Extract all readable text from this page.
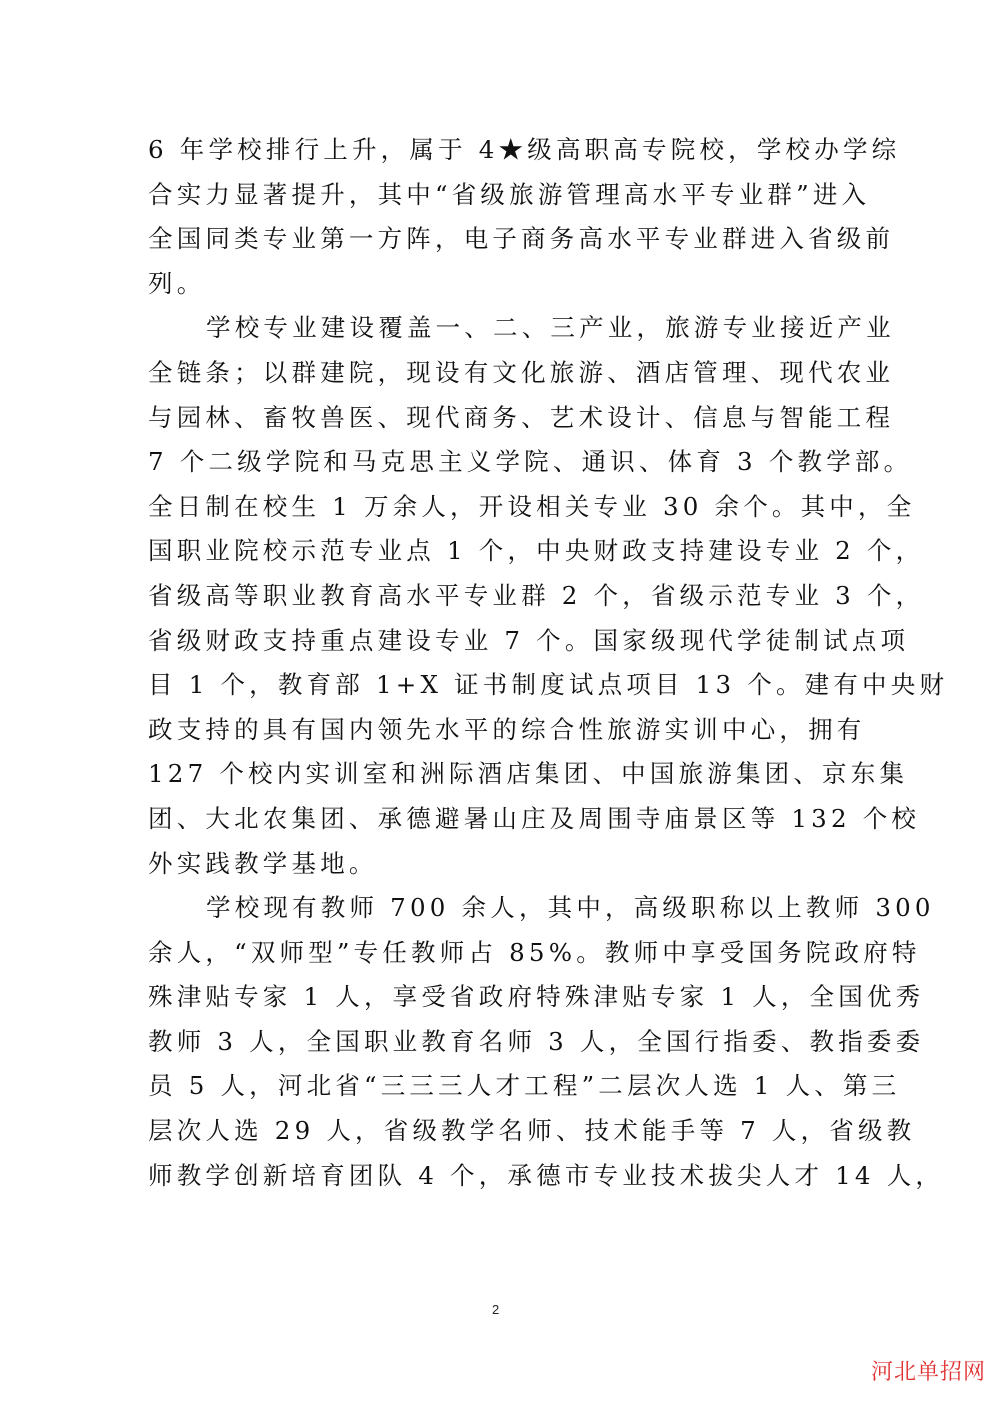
6 年学校排行上升，属于 4★级高职高专院校，学校办学综
合实力显著提升，其中“省级旅游管理高水平专业群”进入
全国同类专业第一方阵，电子商务高水平专业群进入省级前
列。
学校专业建设覆盖一、二、三产业，旅游专业接近产业
全链条；以群建院，现设有文化旅游、酒店管理、现代农业
与园林、畜牧兽医、现代商务、艺术设计、信息与智能工程
7 个二级学院和马克思主义学院、通识、体育 3 个教学部。
全日制在校生 1 万余人，开设相关专业 30 余个。其中，全
国职业院校示范专业点 1 个，中央财政支持建设专业 2 个，
省级高等职业教育高水平专业群 2 个，省级示范专业 3 个，
省级财政支持重点建设专业 7 个。国家级现代学徒制试点项
目 1 个，教育部 1+X 证书制度试点项目 13 个。建有中央财
政支持的具有国内领先水平的综合性旅游实训中心，拥有
127 个校内实训室和洲际酒店集团、中国旅游集团、京东集
团、大北农集团、承德避暑山庄及周围寺庙景区等 132 个校
外实践教学基地。
学校现有教师 700 余人，其中，高级职称以上教师 300
余人，“双师型”专任教师占 85%。教师中享受国务院政府特
殊津贴专家 1 人，享受省政府特殊津贴专家 1 人，全国优秀
教师 3 人，全国职业教育名师 3 人，全国行指委、教指委委
员 5 人，河北省“三三三人才工程”二层次人选 1 人、第三
层次人选 29 人，省级教学名师、技术能手等 7 人，省级教
师教学创新培育团队 4 个，承德市专业技术拔尖人才 14 人，
2
河北单招网
